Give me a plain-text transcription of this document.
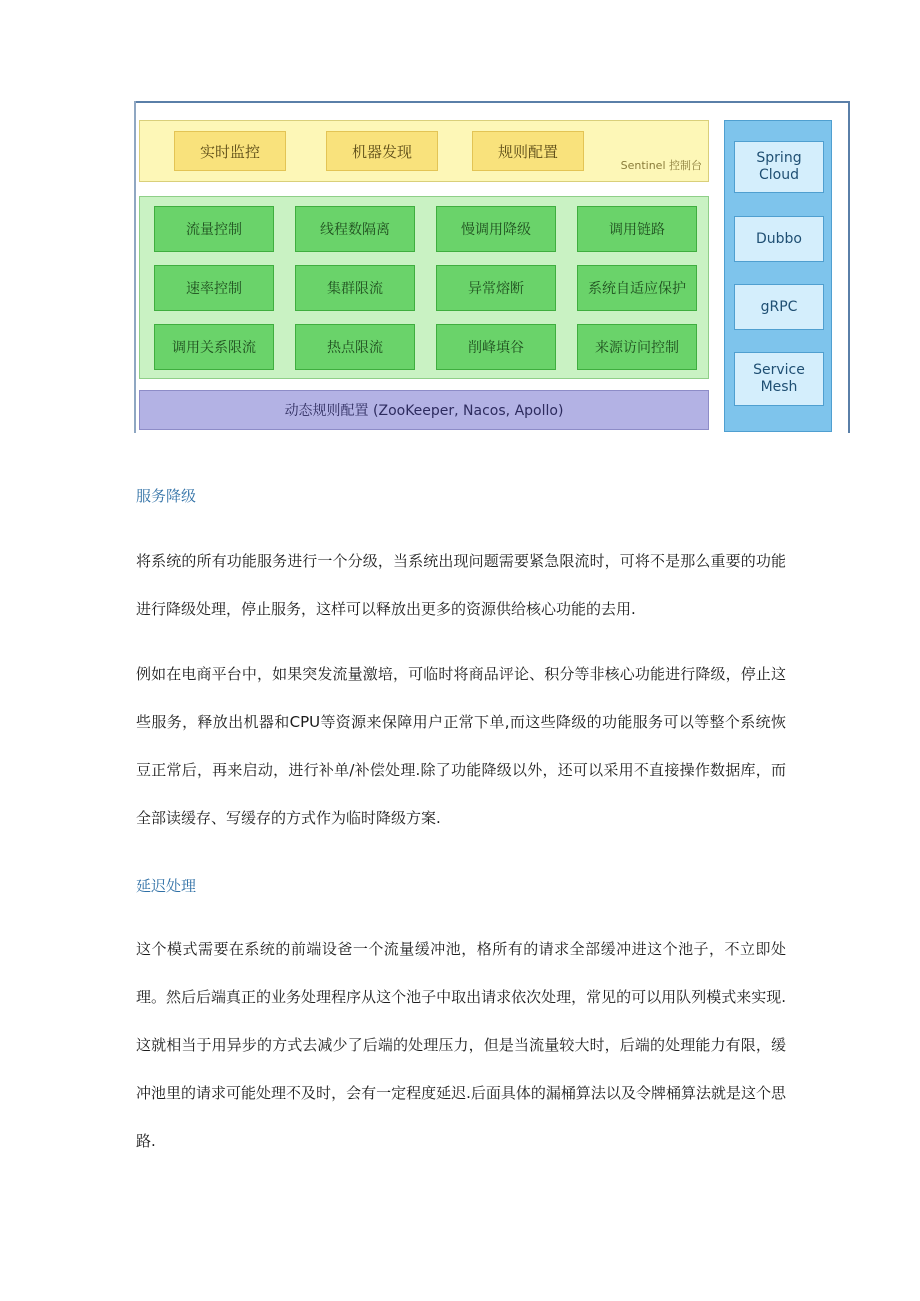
实时监控	机器发现	规则配置
Sentinel 控制台
流量控制	线程数隔离	慢调用降级	调用链路
速率控制	集群限流	异常熔断	系统自适应保护
调用关系限流	热点限流	削峰填谷	来源访问控制
动态规则配置 (ZooKeeper, Nacos, Apollo)
Spring
Cloud
Dubbo
gRPC
Service
Mesh
服务降级
将系统的所有功能服务进行一个分级，当系统出现问题需要紧急限流时，可将不是那么重要的功能进行降级处理，停止服务，这样可以释放出更多的资源供给核心功能的去用.
例如在电商平台中，如果突发流量激培，可临时将商品评论、积分等非核心功能进行降级，停止这些服务，释放出机器和CPU等资源来保障用户正常下单,而这些降级的功能服务可以等整个系统恢豆正常后，再来启动，进行补单/补偿处理.除了功能降级以外，还可以采用不直接操作数据库，而全部读缓存、写缓存的方式作为临时降级方案.
延迟处理
这个模式需要在系统的前端设爸一个流量缓冲池，格所有的请求全部缓冲进这个池子，不立即处理。然后后端真正的业务处理程序从这个池子中取出请求依次处理，常见的可以用队列模式来实现.这就相当于用异步的方式去减少了后端的处理压力，但是当流量较大时，后端的处理能力有限，缓冲池里的请求可能处理不及时，会有一定程度延迟.后面具体的漏桶算法以及令牌桶算法就是这个思路.
